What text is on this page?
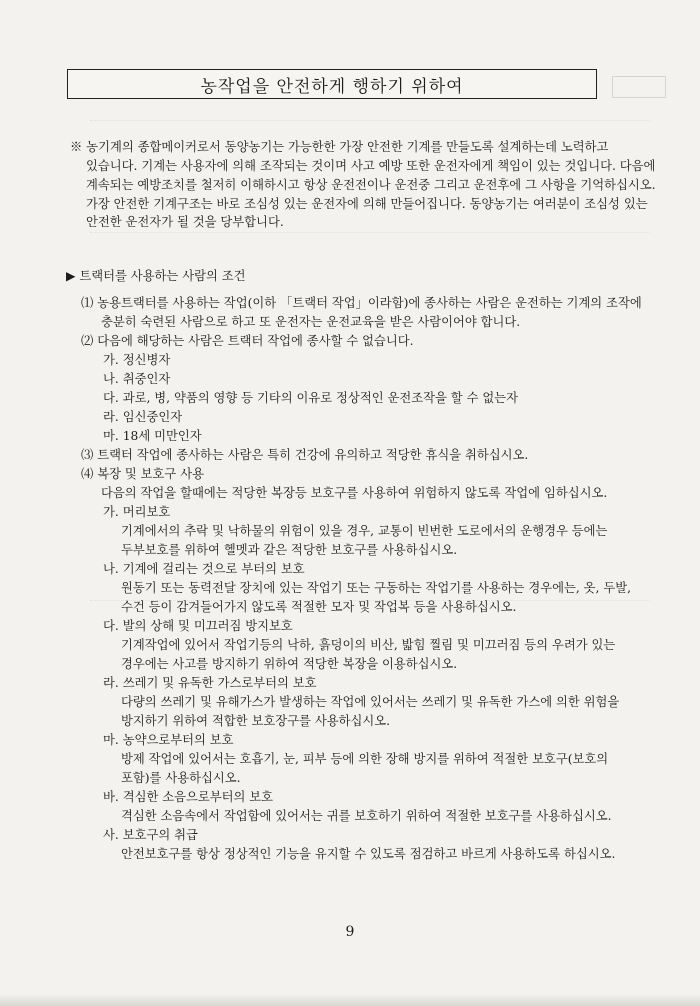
농작업을 안전하게 행하기 위하여
※ 농기계의 종합메이커로서 동양농기는 가능한한 가장 안전한 기계를 만들도록 설계하는데 노력하고
있습니다. 기계는 사용자에 의해 조작되는 것이며 사고 예방 또한 운전자에게 책임이 있는 것입니다. 다음에
계속되는 예방조치를 철저히 이해하시고 항상 운전전이나 운전중 그리고 운전후에 그 사항을 기억하십시오.
가장 안전한 기계구조는 바로 조심성 있는 운전자에 의해 만들어집니다. 동양농기는 여러분이 조심성 있는
안전한 운전자가 될 것을 당부합니다.
▶ 트랙터를 사용하는 사람의 조건
⑴ 농용트랙터를 사용하는 작업(이하 「트랙터 작업」이라함)에 종사하는 사람은 운전하는 기계의 조작에
충분히 숙련된 사람으로 하고 또 운전자는 운전교육을 받은 사람이어야 합니다.
⑵ 다음에 해당하는 사람은 트랙터 작업에 종사할 수 없습니다.
가. 정신병자
나. 취중인자
다. 과로, 병, 약품의 영향 등 기타의 이유로 정상적인 운전조작을 할 수 없는자
라. 임신중인자
마. 18세 미만인자
⑶ 트랙터 작업에 종사하는 사람은 특히 건강에 유의하고 적당한 휴식을 취하십시오.
⑷ 복장 및 보호구 사용
다음의 작업을 할때에는 적당한 복장등 보호구를 사용하여 위험하지 않도록 작업에 임하십시오.
가. 머리보호
기계에서의 추락 및 낙하물의 위험이 있을 경우, 교통이 빈번한 도로에서의 운행경우 등에는
두부보호를 위하여 헬멧과 같은 적당한 보호구를 사용하십시오.
나. 기계에 걸리는 것으로 부터의 보호
원동기 또는 동력전달 장치에 있는 작업기 또는 구동하는 작업기를 사용하는 경우에는, 옷, 두발,
수건 등이 감겨들어가지 않도록 적절한 모자 및 작업복 등을 사용하십시오.
다. 발의 상해 및 미끄러짐 방지보호
기계작업에 있어서 작업기등의 낙하, 흙덩이의 비산, 밟힘 찔림 및 미끄러짐 등의 우려가 있는
경우에는 사고를 방지하기 위하여 적당한 복장을 이용하십시오.
라. 쓰레기 및 유독한 가스로부터의 보호
다량의 쓰레기 및 유해가스가 발생하는 작업에 있어서는 쓰레기 및 유독한 가스에 의한 위험을
방지하기 위하여 적합한 보호장구를 사용하십시오.
마. 농약으로부터의 보호
방제 작업에 있어서는 호흡기, 눈, 피부 등에 의한 장해 방지를 위하여 적절한 보호구(보호의
포함)를 사용하십시오.
바. 격심한 소음으로부터의 보호
격심한 소음속에서 작업함에 있어서는 귀를 보호하기 위하여 적절한 보호구를 사용하십시오.
사. 보호구의 취급
안전보호구를 항상 정상적인 기능을 유지할 수 있도록 점검하고 바르게 사용하도록 하십시오.
9
